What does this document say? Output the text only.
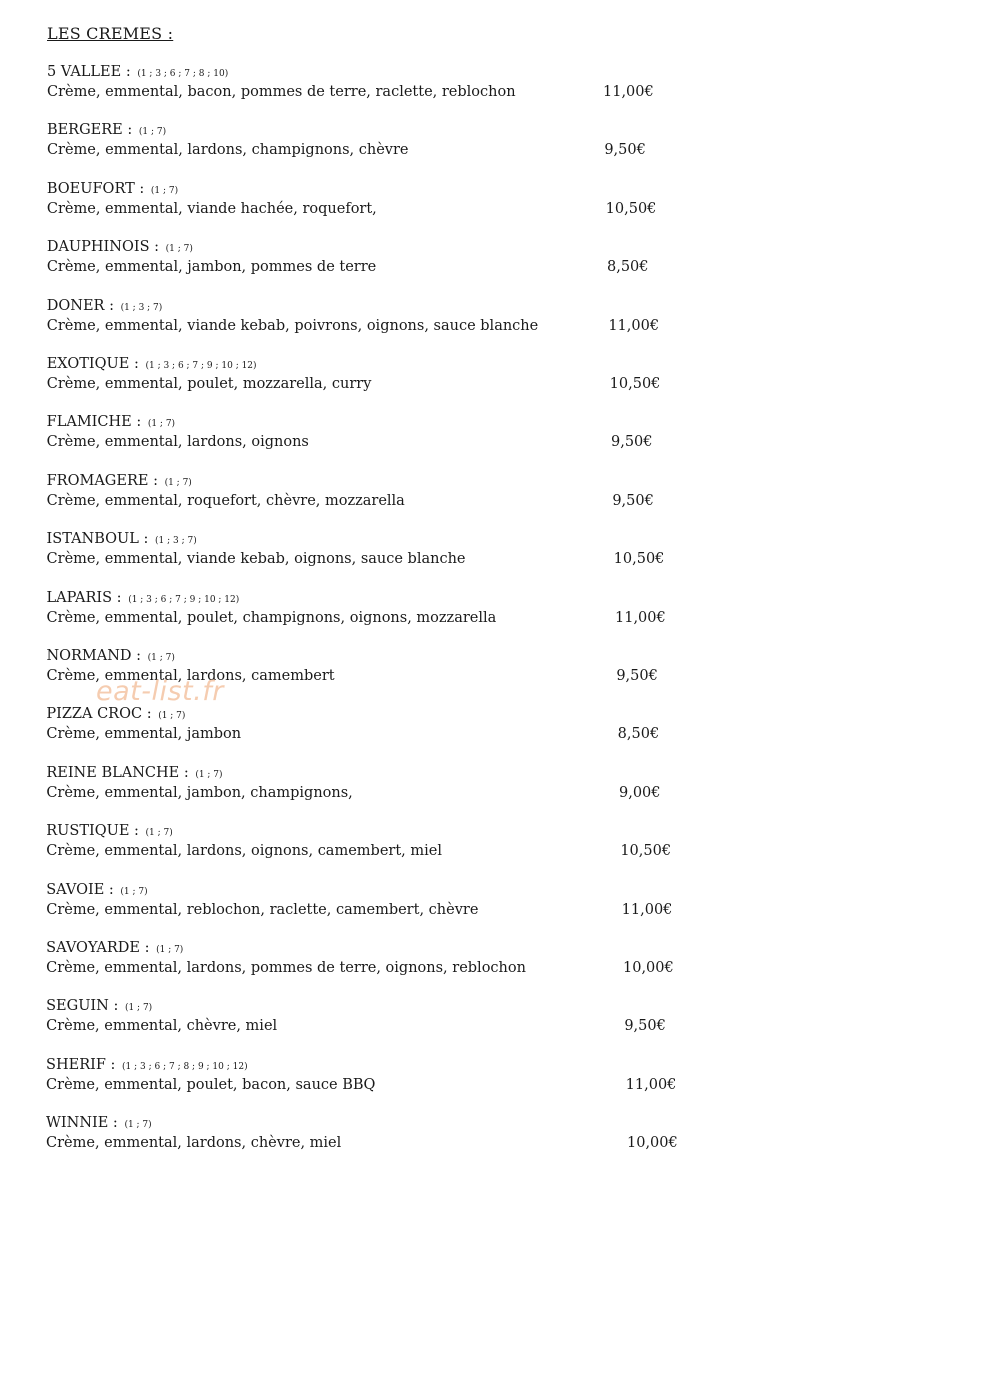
LES CREMES :
5 VALLEE : (1 ; 3 ; 6 ; 7 ; 8 ; 10)
Crème, emmental, bacon, pommes de terre, raclette, reblochon	11,00€
BERGERE : (1 ; 7)
Crème, emmental, lardons, champignons, chèvre	9,50€
BOEUFORT : (1 ; 7)
Crème, emmental, viande hachée, roquefort,	10,50€
DAUPHINOIS : (1 ; 7)
Crème, emmental, jambon, pommes de terre	8,50€
DONER : (1 ; 3 ; 7)
Crème, emmental, viande kebab, poivrons, oignons, sauce blanche	11,00€
EXOTIQUE : (1 ; 3 ; 6 ; 7 ; 9 ; 10 ; 12)
Crème, emmental, poulet, mozzarella, curry	10,50€
FLAMICHE : (1 ; 7)
Crème, emmental, lardons, oignons	9,50€
FROMAGERE : (1 ; 7)
Crème, emmental, roquefort, chèvre, mozzarella	9,50€
ISTANBOUL : (1 ; 3 ; 7)
Crème, emmental, viande kebab, oignons, sauce blanche	10,50€
LAPARIS : (1 ; 3 ; 6 ; 7 ; 9 ; 10 ; 12)
Crème, emmental, poulet, champignons, oignons, mozzarella	11,00€
NORMAND : (1 ; 7)
Crème, emmental, lardons, camembert	9,50€
PIZZA CROC : (1 ; 7)
Crème, emmental, jambon	8,50€
REINE BLANCHE : (1 ; 7)
Crème, emmental, jambon, champignons,	9,00€
RUSTIQUE : (1 ; 7)
Crème, emmental, lardons, oignons, camembert, miel	10,50€
SAVOIE : (1 ; 7)
Crème, emmental, reblochon, raclette, camembert, chèvre	11,00€
SAVOYARDE : (1 ; 7)
Crème, emmental, lardons, pommes de terre, oignons, reblochon	10,00€
SEGUIN : (1 ; 7)
Crème, emmental, chèvre, miel	9,50€
SHERIF : (1 ; 3 ; 6 ; 7 ; 8 ; 9 ; 10 ; 12)
Crème, emmental, poulet, bacon, sauce BBQ	11,00€
WINNIE : (1 ; 7)
Crème, emmental, lardons, chèvre, miel	10,00€
eat-list.fr
